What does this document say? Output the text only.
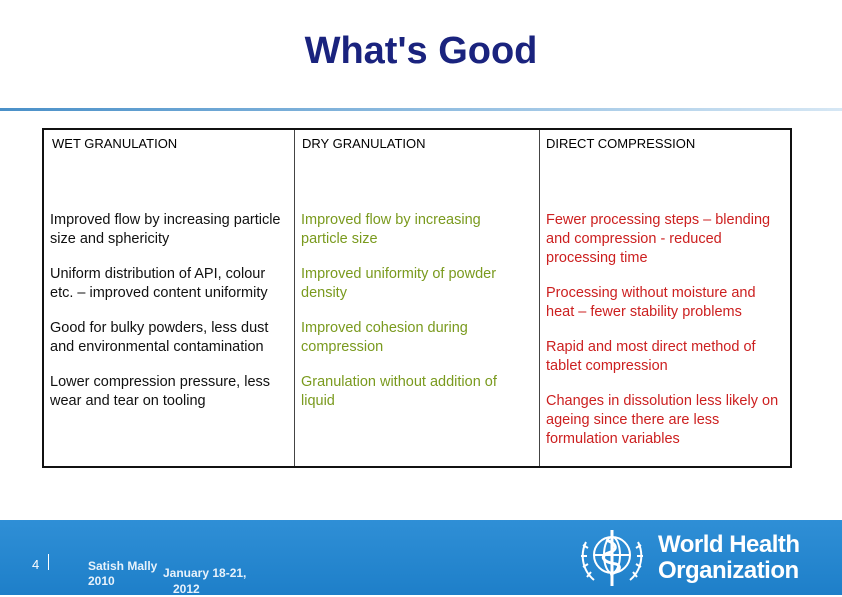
What's Good
WET GRANULATION
Improved flow by increasing particle size and sphericity
Uniform distribution of API, colour etc. – improved content uniformity
Good for bulky powders, less dust and environmental contamination
Lower compression pressure, less wear and tear on tooling
DRY GRANULATION
Improved flow by increasing particle size
Improved uniformity of powder density
Improved cohesion during compression
Granulation without addition of liquid
DIRECT COMPRESSION
Fewer processing steps – blending and compression - reduced processing time
Processing without moisture and heat – fewer stability problems
Rapid and most direct method of tablet compression
Changes in dissolution less likely on ageing since there are less formulation variables
4	Satish Mally
2010
January 18-21,
2012
World Health
Organization
